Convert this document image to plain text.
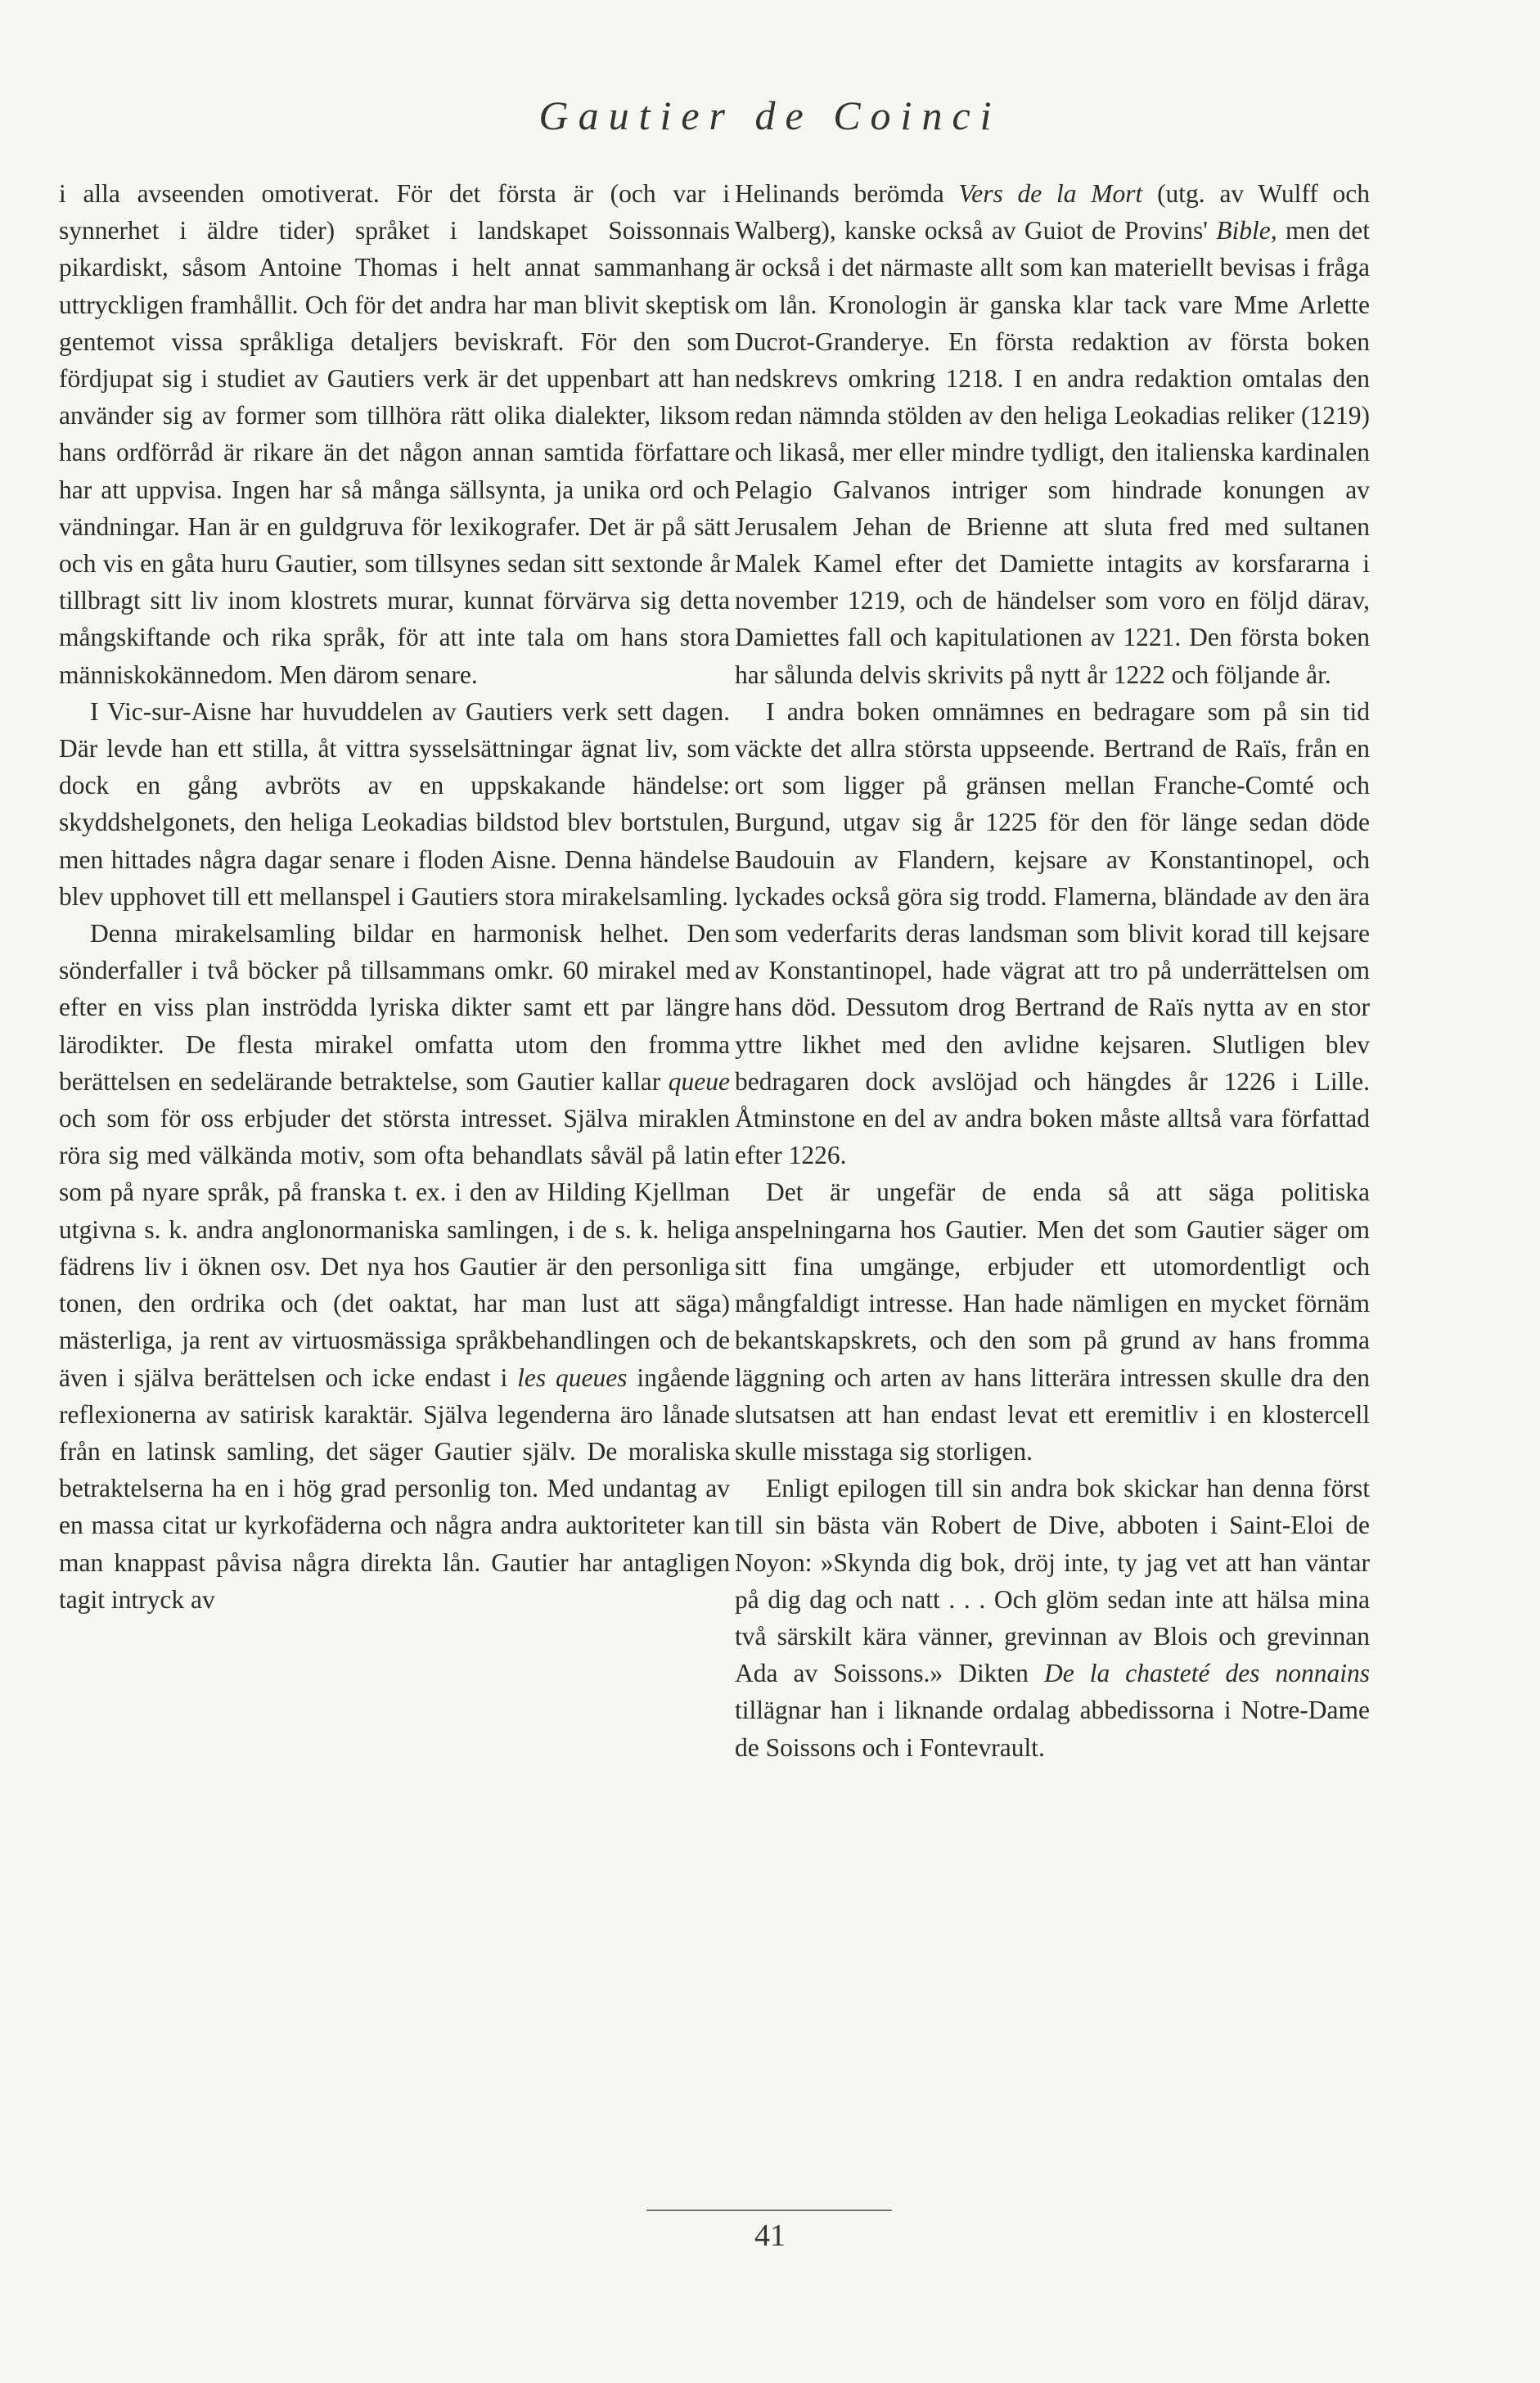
Gautier de Coinci

i alla avseenden omotiverat. För det första är (och var i synnerhet i äldre tider) språket i landskapet Soissonnais pikardiskt, såsom Antoine Thomas i helt annat sammanhang uttryckligen framhållit. Och för det andra har man blivit skeptisk gentemot vissa språkliga detaljers beviskraft. För den som fördjupat sig i studiet av Gautiers verk är det uppenbart att han använder sig av former som tillhöra rätt olika dialekter, liksom hans ordförråd är rikare än det någon annan samtida författare har att uppvisa. Ingen har så många sällsynta, ja unika ord och vändningar. Han är en guldgruva för lexikografer. Det är på sätt och vis en gåta huru Gautier, som tillsynes sedan sitt sextonde år tillbragt sitt liv inom klostrets murar, kunnat förvärva sig detta mångskiftande och rika språk, för att inte tala om hans stora människokännedom. Men därom senare.

I Vic-sur-Aisne har huvuddelen av Gautiers verk sett dagen. Där levde han ett stilla, åt vittra sysselsättningar ägnat liv, som dock en gång avbröts av en uppskakande händelse: skyddshelgonets, den heliga Leokadias bildstod blev bortstulen, men hittades några dagar senare i floden Aisne. Denna händelse blev upphovet till ett mellanspel i Gautiers stora mirakelsamling.

Denna mirakelsamling bildar en harmonisk helhet. Den sönderfaller i två böcker på tillsammans omkr. 60 mirakel med efter en viss plan inströdda lyriska dikter samt ett par längre lärodikter. De flesta mirakel omfatta utom den fromma berättelsen en sedelärande betraktelse, som Gautier kallar queue och som för oss erbjuder det största intresset. Själva miraklen röra sig med välkända motiv, som ofta behandlats såväl på latin som på nyare språk, på franska t. ex. i den av Hilding Kjellman utgivna s. k. andra anglonormaniska samlingen, i de s. k. heliga fädrens liv i öknen osv. Det nya hos Gautier är den personliga tonen, den ordrika och (det oaktat, har man lust att säga) mästerliga, ja rent av virtuosmässiga språkbehandlingen och de även i själva berättelsen och icke endast i les queues ingående reflexionerna av satirisk karaktär. Själva legenderna äro lånade från en latinsk samling, det säger Gautier själv. De moraliska betraktelserna ha en i hög grad personlig ton. Med undantag av en massa citat ur kyrkofäderna och några andra auktoriteter kan man knappast påvisa några direkta lån. Gautier har antagligen tagit intryck av

Helinands berömda Vers de la Mort (utg. av Wulff och Walberg), kanske också av Guiot de Provins' Bible, men det är också i det närmaste allt som kan materiellt bevisas i fråga om lån. Kronologin är ganska klar tack vare Mme Arlette Ducrot-Granderye. En första redaktion av första boken nedskrevs omkring 1218. I en andra redaktion omtalas den redan nämnda stölden av den heliga Leokadias reliker (1219) och likaså, mer eller mindre tydligt, den italienska kardinalen Pelagio Galvanos intriger som hindrade konungen av Jerusalem Jehan de Brienne att sluta fred med sultanen Malek Kamel efter det Damiette intagits av korsfararna i november 1219, och de händelser som voro en följd därav, Damiettes fall och kapitulationen av 1221. Den första boken har sålunda delvis skrivits på nytt år 1222 och följande år.

I andra boken omnämnes en bedragare som på sin tid väckte det allra största uppseende. Bertrand de Raïs, från en ort som ligger på gränsen mellan Franche-Comté och Burgund, utgav sig år 1225 för den för länge sedan döde Baudouin av Flandern, kejsare av Konstantinopel, och lyckades också göra sig trodd. Flamerna, bländade av den ära som vederfarits deras landsman som blivit korad till kejsare av Konstantinopel, hade vägrat att tro på underrättelsen om hans död. Dessutom drog Bertrand de Raïs nytta av en stor yttre likhet med den avlidne kejsaren. Slutligen blev bedragaren dock avslöjad och hängdes år 1226 i Lille. Åtminstone en del av andra boken måste alltså vara författad efter 1226.

Det är ungefär de enda så att säga politiska anspelningarna hos Gautier. Men det som Gautier säger om sitt fina umgänge, erbjuder ett utomordentligt och mångfaldigt intresse. Han hade nämligen en mycket förnäm bekantskapskrets, och den som på grund av hans fromma läggning och arten av hans litterära intressen skulle dra den slutsatsen att han endast levat ett eremitliv i en klostercell skulle misstaga sig storligen.

Enligt epilogen till sin andra bok skickar han denna först till sin bästa vän Robert de Dive, abboten i Saint-Eloi de Noyon: »Skynda dig bok, dröj inte, ty jag vet att han väntar på dig dag och natt . . . Och glöm sedan inte att hälsa mina två särskilt kära vänner, grevinnan av Blois och grevinnan Ada av Soissons.» Dikten De la chasteté des nonnains tillägnar han i liknande ordalag abbedissorna i Notre-Dame de Soissons och i Fontevrault.

41
